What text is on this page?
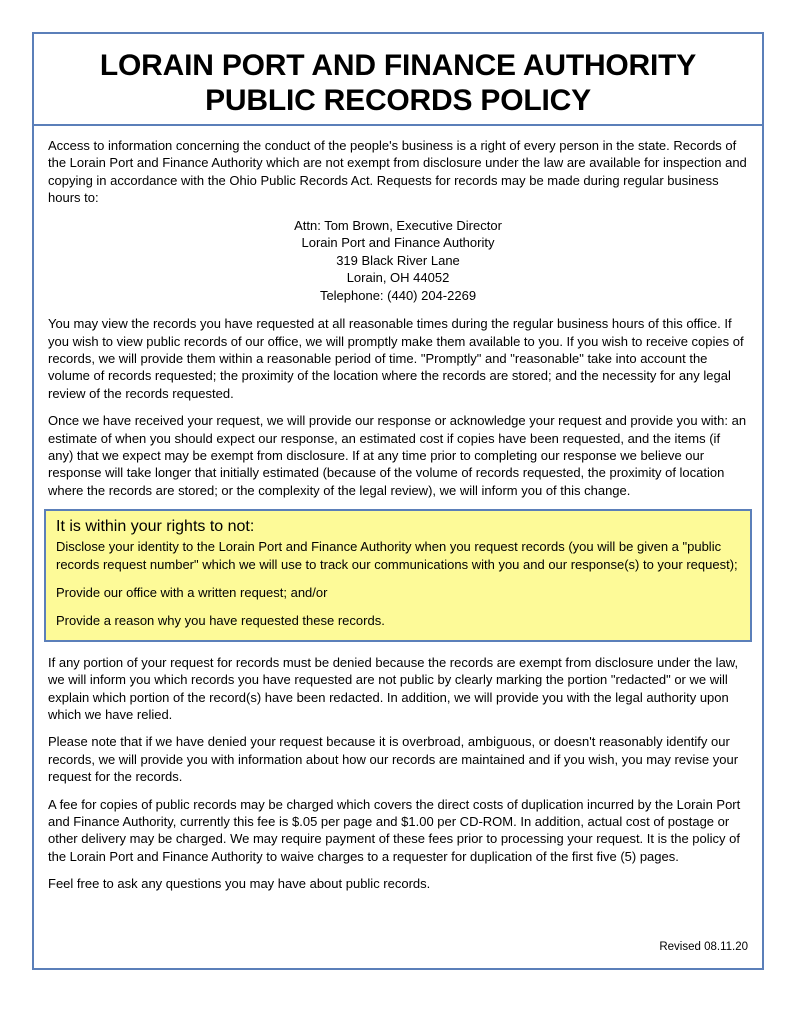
LORAIN PORT AND FINANCE AUTHORITY
PUBLIC RECORDS POLICY

Access to information concerning the conduct of the people's business is a right of every person in the state. Records of the Lorain Port and Finance Authority which are not exempt from disclosure under the law are available for inspection and copying in accordance with the Ohio Public Records Act. Requests for records may be made during regular business hours to:

Attn: Tom Brown, Executive Director
Lorain Port and Finance Authority
319 Black River Lane
Lorain, OH 44052
Telephone: (440) 204-2269

You may view the records you have requested at all reasonable times during the regular business hours of this office. If you wish to view public records of our office, we will promptly make them available to you. If you wish to receive copies of records, we will provide them within a reasonable period of time. "Promptly" and "reasonable" take into account the volume of records requested; the proximity of the location where the records are stored; and the necessity for any legal review of the records requested.

Once we have received your request, we will provide our response or acknowledge your request and provide you with: an estimate of when you should expect our response, an estimated cost if copies have been requested, and the items (if any) that we expect may be exempt from disclosure. If at any time prior to completing our response we believe our response will take longer that initially estimated (because of the volume of records requested, the proximity of location where the records are stored; or the complexity of the legal review), we will inform you of this change.

It is within your rights to not:

Disclose your identity to the Lorain Port and Finance Authority when you request records (you will be given a "public records request number" which we will use to track our communications with you and our response(s) to your request);

Provide our office with a written request; and/or

Provide a reason why you have requested these records.

If any portion of your request for records must be denied because the records are exempt from disclosure under the law, we will inform you which records you have requested are not public by clearly marking the portion "redacted" or we will explain which portion of the record(s) have been redacted. In addition, we will provide you with the legal authority upon which we have relied.

Please note that if we have denied your request because it is overbroad, ambiguous, or doesn't reasonably identify our records, we will provide you with information about how our records are maintained and if you wish, you may revise your request for the records.

A fee for copies of public records may be charged which covers the direct costs of duplication incurred by the Lorain Port and Finance Authority, currently this fee is $.05 per page and $1.00 per CD-ROM. In addition, actual cost of postage or other delivery may be charged. We may require payment of these fees prior to processing your request. It is the policy of the Lorain Port and Finance Authority to waive charges to a requester for duplication of the first five (5) pages.

Feel free to ask any questions you may have about public records.

Revised 08.11.20
